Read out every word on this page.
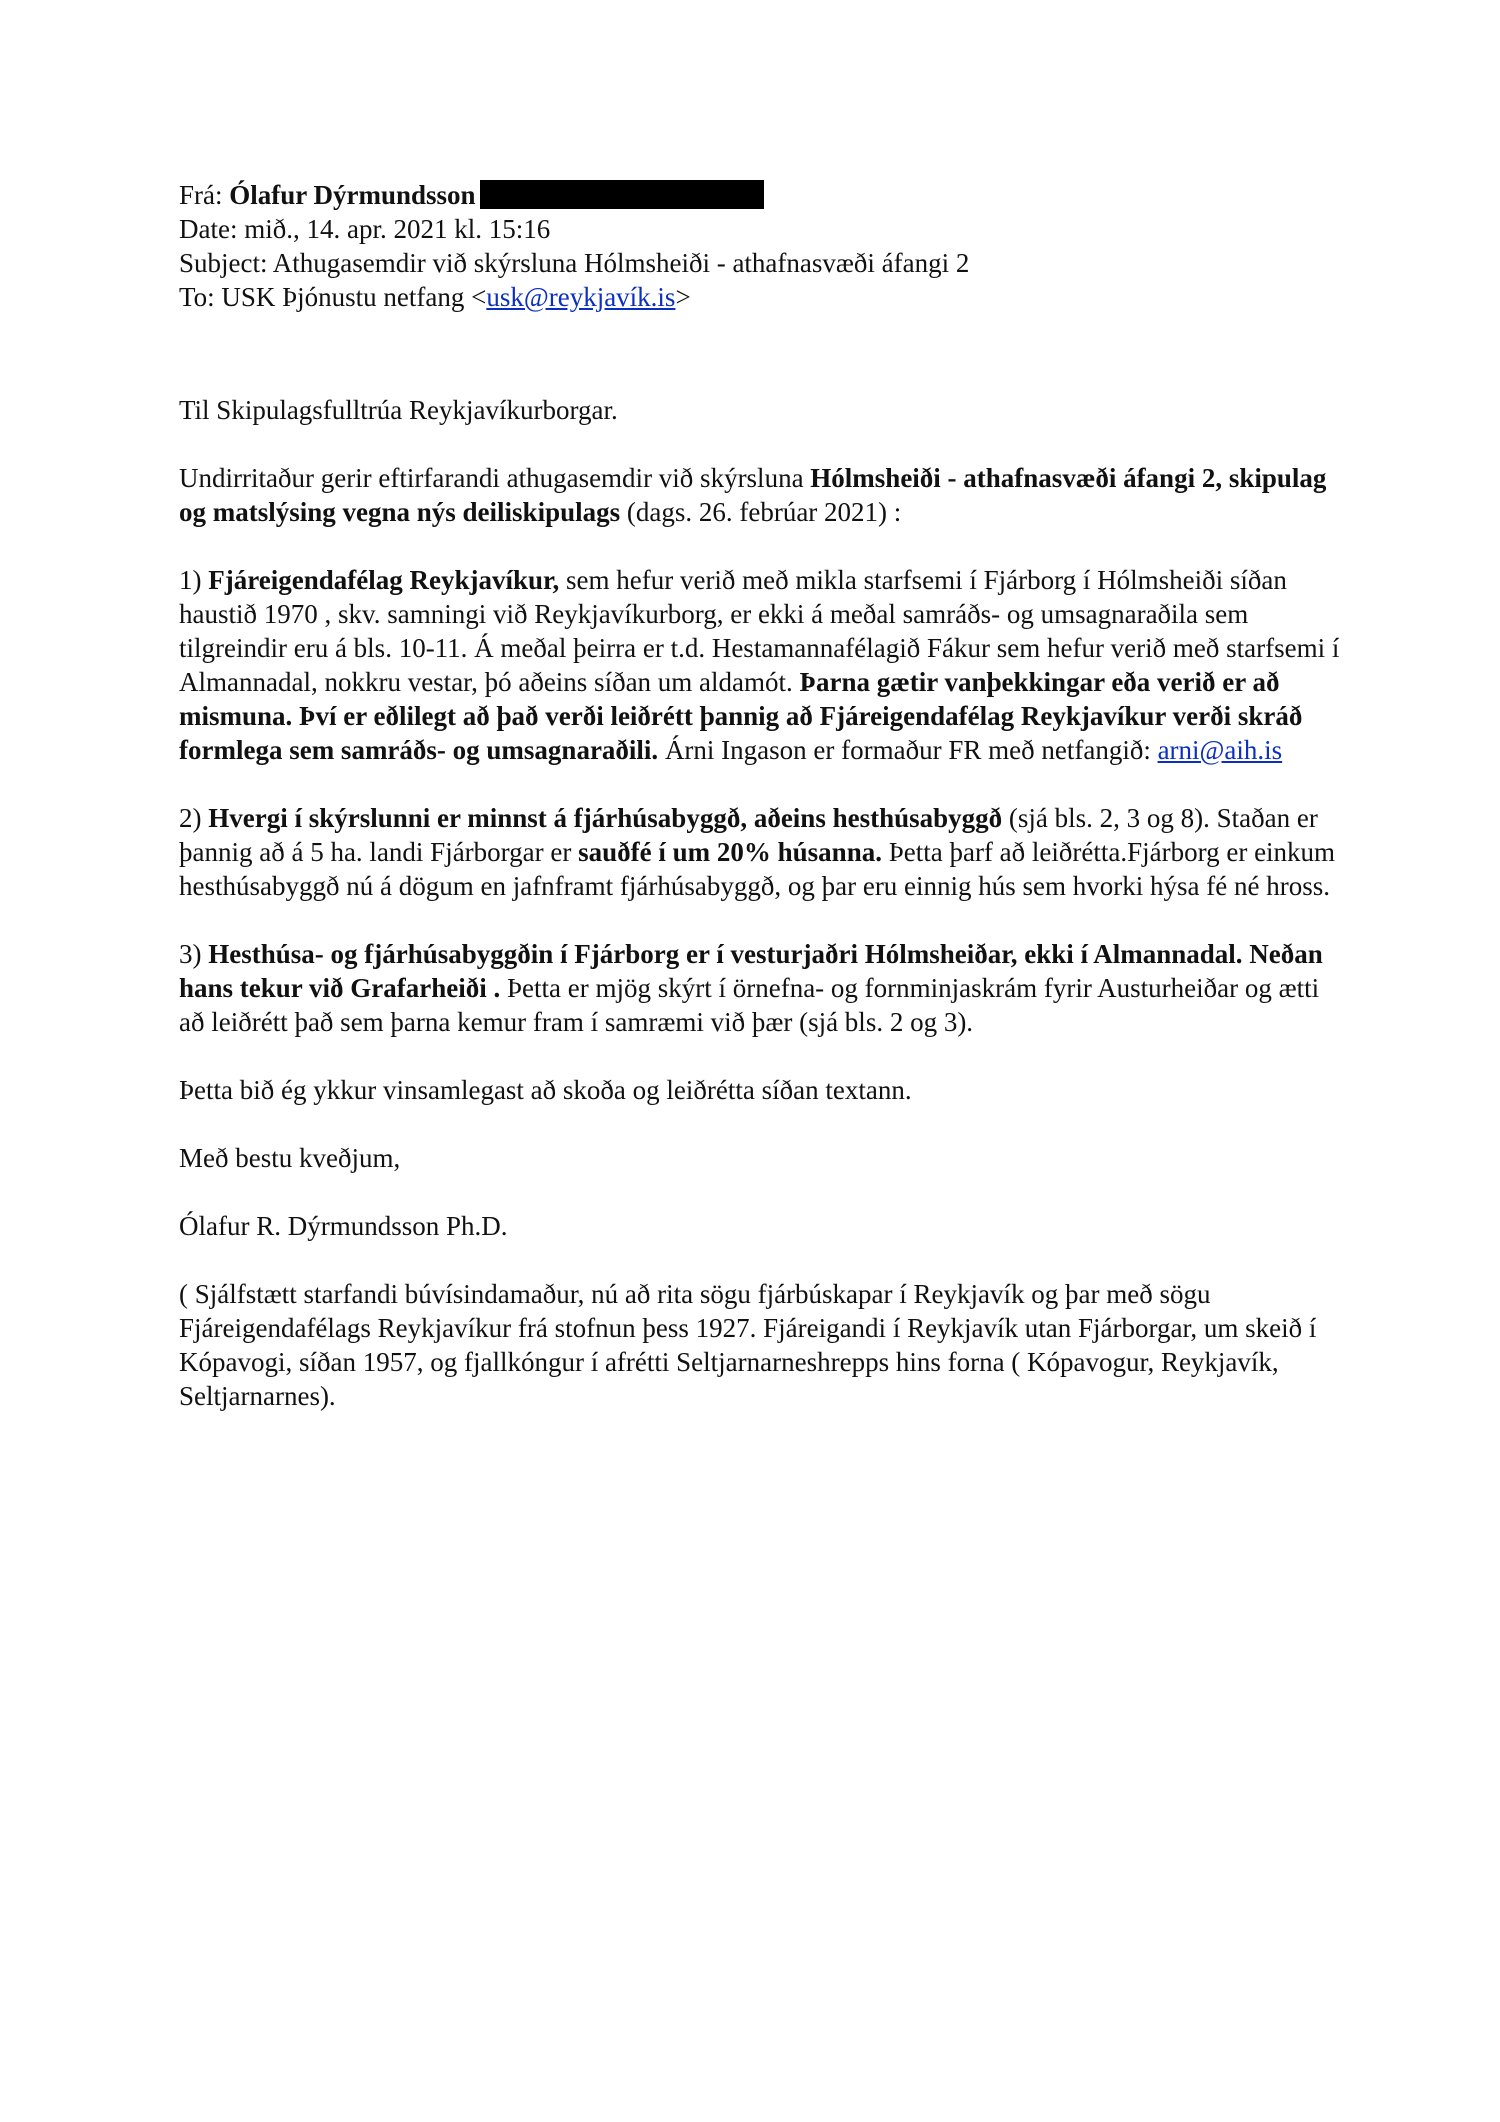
Frá: Ólafur Dýrmundsson
Date: mið., 14. apr. 2021 kl. 15:16
Subject: Athugasemdir við skýrsluna Hólmsheiði - athafnasvæði áfangi 2
To: USK Þjónustu netfang <usk@reykjavík.is>

Til Skipulagsfulltrúa Reykjavíkurborgar.

Undirritaður gerir eftirfarandi athugasemdir við skýrsluna Hólmsheiði - athafnasvæði áfangi 2, skipulag og matslýsing vegna nýs deiliskipulags (dags. 26. febrúar 2021) :

1) Fjáreigendafélag Reykjavíkur, sem hefur verið með mikla starfsemi í Fjárborg í Hólmsheiði síðan haustið 1970 , skv. samningi við Reykjavíkurborg, er ekki á meðal samráðs- og umsagnaraðila sem tilgreindir eru á bls. 10-11. Á meðal þeirra er t.d. Hestamannafélagið Fákur sem hefur verið með starfsemi í Almannadal, nokkru vestar, þó aðeins síðan um aldamót. Þarna gætir vanþekkingar eða verið er að mismuna. Því er eðlilegt að það verði leiðrétt þannig að Fjáreigendafélag Reykjavíkur verði skráð formlega sem samráðs- og umsagnaraðili. Árni Ingason er formaður FR með netfangið: arni@aih.is

2) Hvergi í skýrslunni er minnst á fjárhúsabyggð, aðeins hesthúsabyggð (sjá bls. 2, 3 og 8). Staðan er þannig að á 5 ha. landi Fjárborgar er sauðfé í um 20% húsanna. Þetta þarf að leiðrétta.Fjárborg er einkum hesthúsabyggð nú á dögum en jafnframt fjárhúsabyggð, og þar eru einnig hús sem hvorki hýsa fé né hross.

3) Hesthúsa- og fjárhúsabyggðin í Fjárborg er í vesturjaðri Hólmsheiðar, ekki í Almannadal. Neðan hans tekur við Grafarheiði . Þetta er mjög skýrt í örnefna- og fornminjaskrám fyrir Austurheiðar og ætti að leiðrétt það sem þarna kemur fram í samræmi við þær (sjá bls. 2 og 3).

Þetta bið ég ykkur vinsamlegast að skoða og leiðrétta síðan textann.

Með bestu kveðjum,

Ólafur R. Dýrmundsson Ph.D.

( Sjálfstætt starfandi búvísindamaður, nú að rita sögu fjárbúskapar í Reykjavík og þar með sögu Fjáreigendafélags Reykjavíkur frá stofnun þess 1927. Fjáreigandi í Reykjavík utan Fjárborgar, um skeið í Kópavogi, síðan 1957, og fjallkóngur í afrétti Seltjarnarneshrepps hins forna ( Kópavogur, Reykjavík, Seltjarnarnes).
